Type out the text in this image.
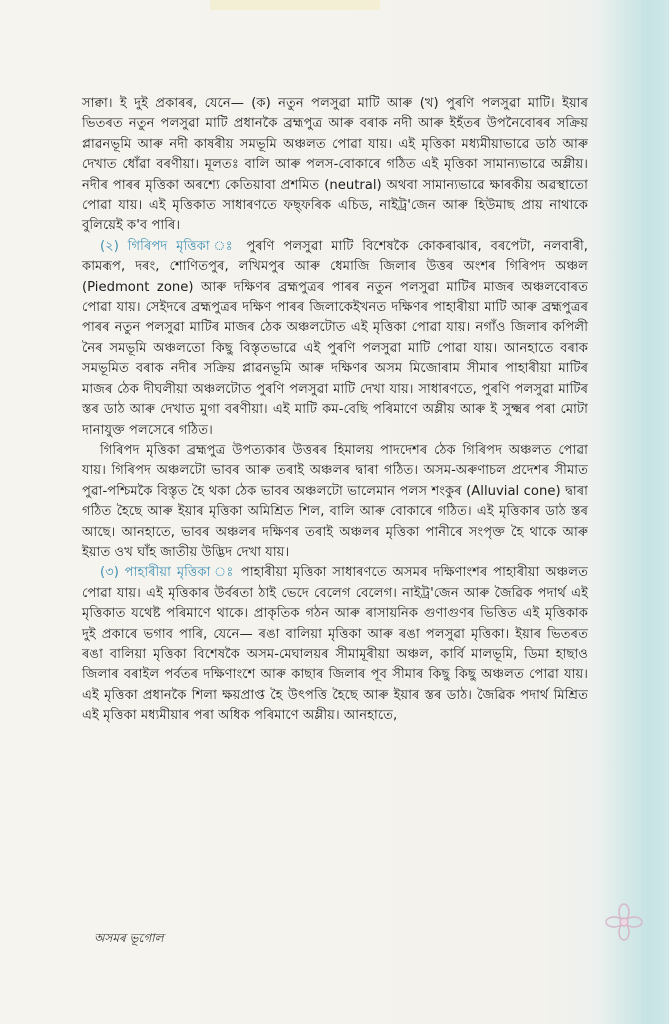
সাক্বা। ই দুই প্ৰকাৰৰ, যেনে— (ক) নতুন পলসুৱা মাটি আৰু (খ) পুৰণি পলসুৱা মাটি। ইয়াৰ ভিতৰত নতুন পলসুৱা মাটি প্ৰধানকৈ ব্ৰহ্মপুত্ৰ আৰু বৰাক নদী আৰু ইহঁতৰ উপনৈবোৰৰ সক্ৰিয় প্লাৱনভূমি আৰু নদী কাষৰীয় সমভূমি অঞ্চলত পোৱা যায়। এই মৃত্তিকা মধ্যমীয়াভাৱে ডাঠ আৰু দেখাত ধোঁৱা বৰণীয়া। মূলতঃ বালি আৰু পলস-বোকাৰে গঠিত এই মৃত্তিকা সামান্যভাৱে অম্লীয়। নদীৰ পাৰৰ মৃত্তিকা অৰশ্যে কেতিয়াবা প্ৰশমিত (neutral) অথবা সামান্যভাৱে ক্ষাৰকীয় অৱস্থাতো পোৱা যায়। এই মৃত্তিকাত সাধাৰণতে ফছ্‌ফৰিক এচিড, নাইট্ৰ'জেন আৰু হিউমাছ প্ৰায় নাথাকে বুলিয়েই ক'ব পাৰি।

(২) গিৰিপদ মৃত্তিকা ঃ পুৰণি পলসুৱা মাটি বিশেষকৈ কোকৰাঝাৰ, বৰপেটা, নলবাৰী, কামৰূপ, দৰং, শোণিতপুৰ, লখিমপুৰ আৰু ধেমাজি জিলাৰ উত্তৰ অংশৰ গিৰিপদ অঞ্চল (Piedmont zone) আৰু দক্ষিণৰ ব্ৰহ্মপুত্ৰৰ পাৰৰ নতুন পলসুৱা মাটিৰ মাজৰ অঞ্চলবোৰত পোৱা যায়। সেইদৰে ব্ৰহ্মপুত্ৰৰ দক্ষিণ পাৰৰ জিলাকেইখনত দক্ষিণৰ পাহাৰীয়া মাটি আৰু ব্ৰহ্মপুত্ৰৰ পাৰৰ নতুন পলসুৱা মাটিৰ মাজৰ ঠেক অঞ্চলটোত এই মৃত্তিকা পোৱা যায়। নগাঁও জিলাৰ কপিলী নৈৰ সমভূমি অঞ্চলতো কিছু বিস্তৃতভাৱে এই পুৰণি পলসুৱা মাটি পোৱা যায়। আনহাতে বৰাক সমভূমিত বৰাক নদীৰ সক্ৰিয় প্লাৱনভূমি আৰু দক্ষিণৰ অসম মিজোৰাম সীমাৰ পাহাৰীয়া মাটিৰ মাজৰ ঠেক দীঘলীয়া অঞ্চলটোত পুৰণি পলসুৱা মাটি দেখা যায়। সাধাৰণতে, পুৰণি পলসুৱা মাটিৰ স্তৰ ডাঠ আৰু দেখাত মুগা বৰণীয়া। এই মাটি কম-বেছি পৰিমাণে অম্লীয় আৰু ই সুক্ষ্মৰ পৰা মোটা দানাযুক্ত পলসেৰে গঠিত।

গিৰিপদ মৃত্তিকা ব্ৰহ্মপুত্ৰ উপত্যকাৰ উত্তৰৰ হিমালয় পাদদেশৰ ঠেক গিৰিপদ অঞ্চলত পোৱা যায়। গিৰিপদ অঞ্চলটো ভাবৰ আৰু তৰাই অঞ্চলৰ দ্বাৰা গঠিত। অসম-অৰুণাচল প্ৰদেশৰ সীমাত পুৱা-পশ্চিমকৈ বিস্তৃত হৈ থকা ঠেক ভাবৰ অঞ্চলটো ভালেমান পলস শংকুৰ (Alluvial cone) দ্বাৰা গঠিত হৈছে আৰু ইয়াৰ মৃত্তিকা অমিশ্ৰিত শিল, বালি আৰু বোকাৰে গঠিত। এই মৃত্তিকাৰ ডাঠ স্তৰ আছে। আনহাতে, ভাবৰ অঞ্চলৰ দক্ষিণৰ তৰাই অঞ্চলৰ মৃত্তিকা পানীৰে সংপৃক্ত হৈ থাকে আৰু ইয়াত ওখ ঘাঁহ জাতীয় উদ্ভিদ দেখা যায়।

(৩) পাহাৰীয়া মৃত্তিকা ঃ পাহাৰীয়া মৃত্তিকা সাধাৰণতে অসমৰ দক্ষিণাংশৰ পাহাৰীয়া অঞ্চলত পোৱা যায়। এই মৃত্তিকাৰ উৰ্বৰতা ঠাই ভেদে বেলেগ বেলেগ। নাইট্ৰ'জেন আৰু জৈৱিক পদাৰ্থ এই মৃত্তিকাত যথেষ্ট পৰিমাণে থাকে। প্ৰাকৃতিক গঠন আৰু ৰাসায়নিক গুণাগুণৰ ভিত্তিত এই মৃত্তিকাক দুই প্ৰকাৰে ভগাব পাৰি, যেনে— ৰঙা বালিয়া মৃত্তিকা আৰু ৰঙা পলসুৱা মৃত্তিকা। ইয়াৰ ভিতৰত ৰঙা বালিয়া মৃত্তিকা বিশেষকৈ অসম-মেঘালয়ৰ সীমামূৰীয়া অঞ্চল, কাৰ্বি মালভূমি, ডিমা হাছাও জিলাৰ বৰাইল পৰ্বতৰ দক্ষিণাংশে আৰু কাছাৰ জিলাৰ পূব সীমাৰ কিছু কিছু অঞ্চলত পোৱা যায়। এই মৃত্তিকা প্ৰধানকৈ শিলা ক্ষয়প্ৰাপ্ত হৈ উৎপত্তি হৈছে আৰু ইয়াৰ স্তৰ ডাঠ। জৈৱিক পদাৰ্থ মিশ্ৰিত এই মৃত্তিকা মধ্যমীয়াৰ পৰা অধিক পৰিমাণে অম্লীয়। আনহাতে,

অসমৰ ভূগোল
